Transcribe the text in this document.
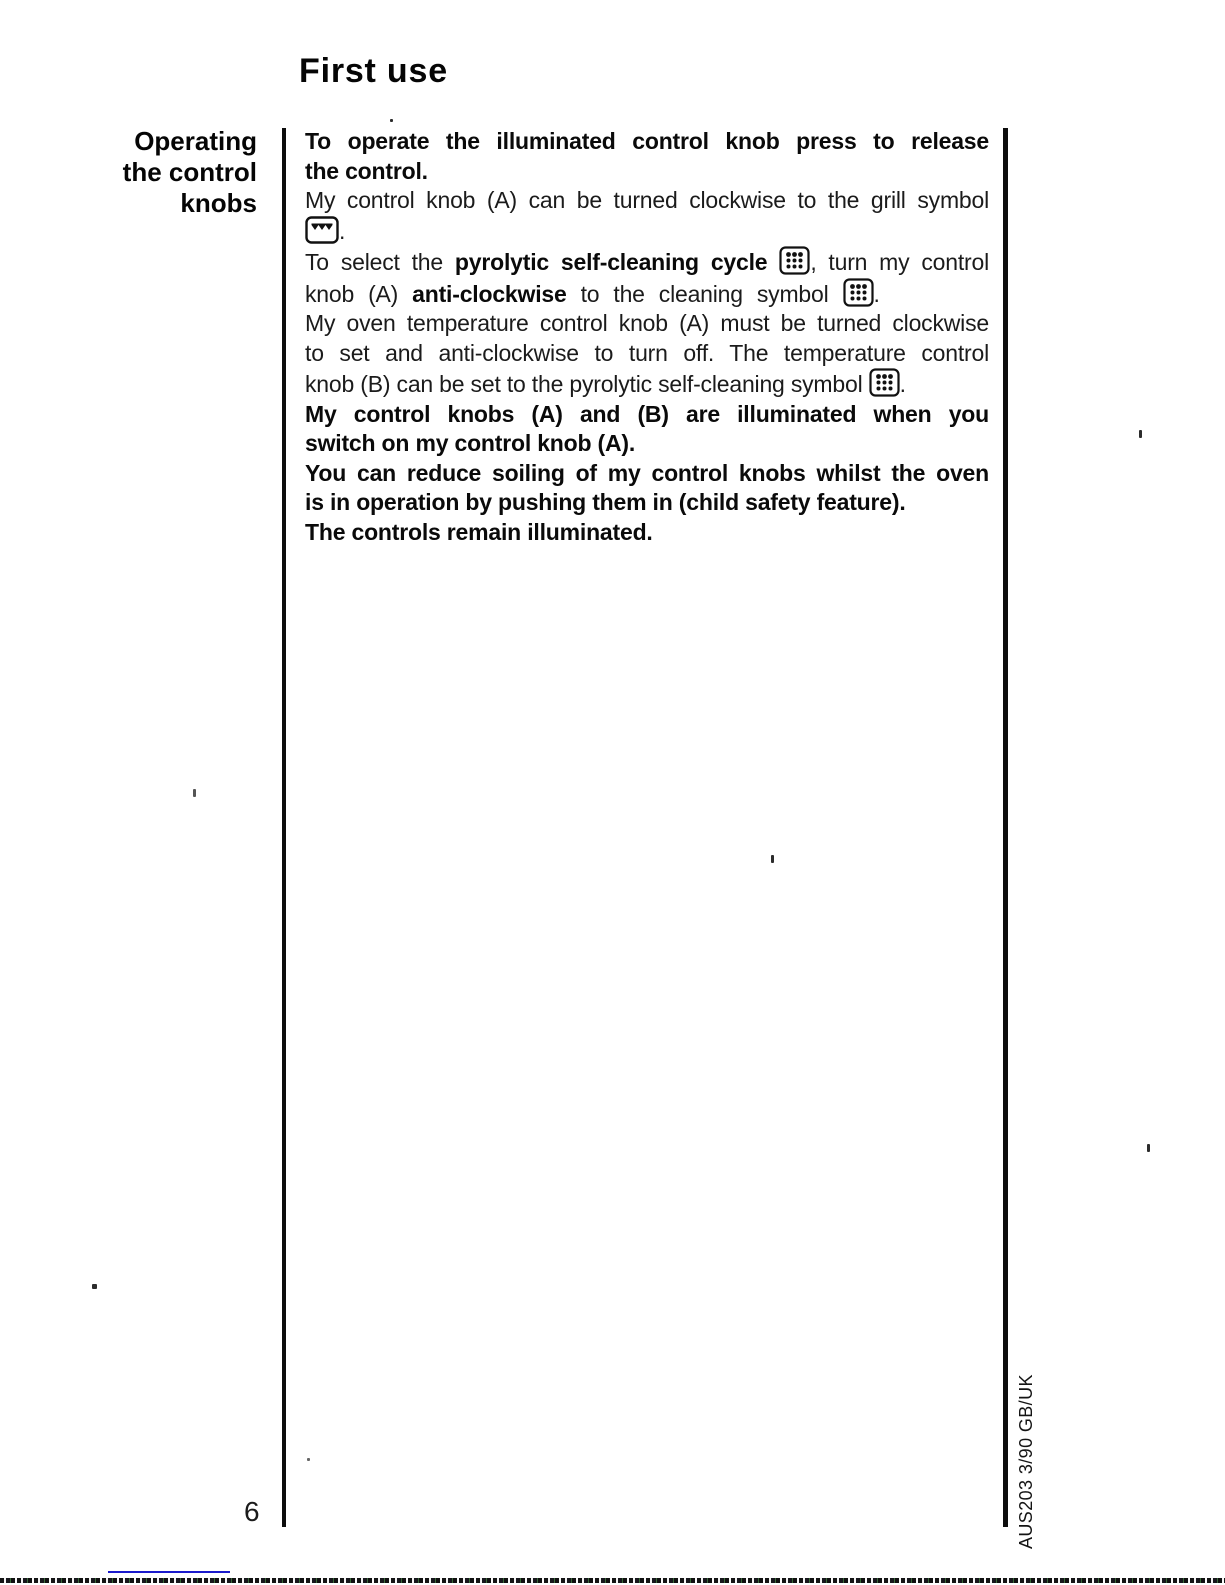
First use
Operating
the control
knobs
To operate the illuminated control knob press to release
the control.
My control knob (A) can be turned clockwise to the grill symbol
.
To select the pyrolytic self-cleaning cycle , turn my control
knob (A) anti-clockwise to the cleaning symbol .
My oven temperature control knob (A) must be turned clockwise
to set and anti-clockwise to turn off. The temperature control
knob (B) can be set to the pyrolytic self-cleaning symbol .
My control knobs (A) and (B) are illuminated when you
switch on my control knob (A).
You can reduce soiling of my control knobs whilst the oven
is in operation by pushing them in (child safety feature).
The controls remain illuminated.
6	AUS203 3/90 GB/UK
